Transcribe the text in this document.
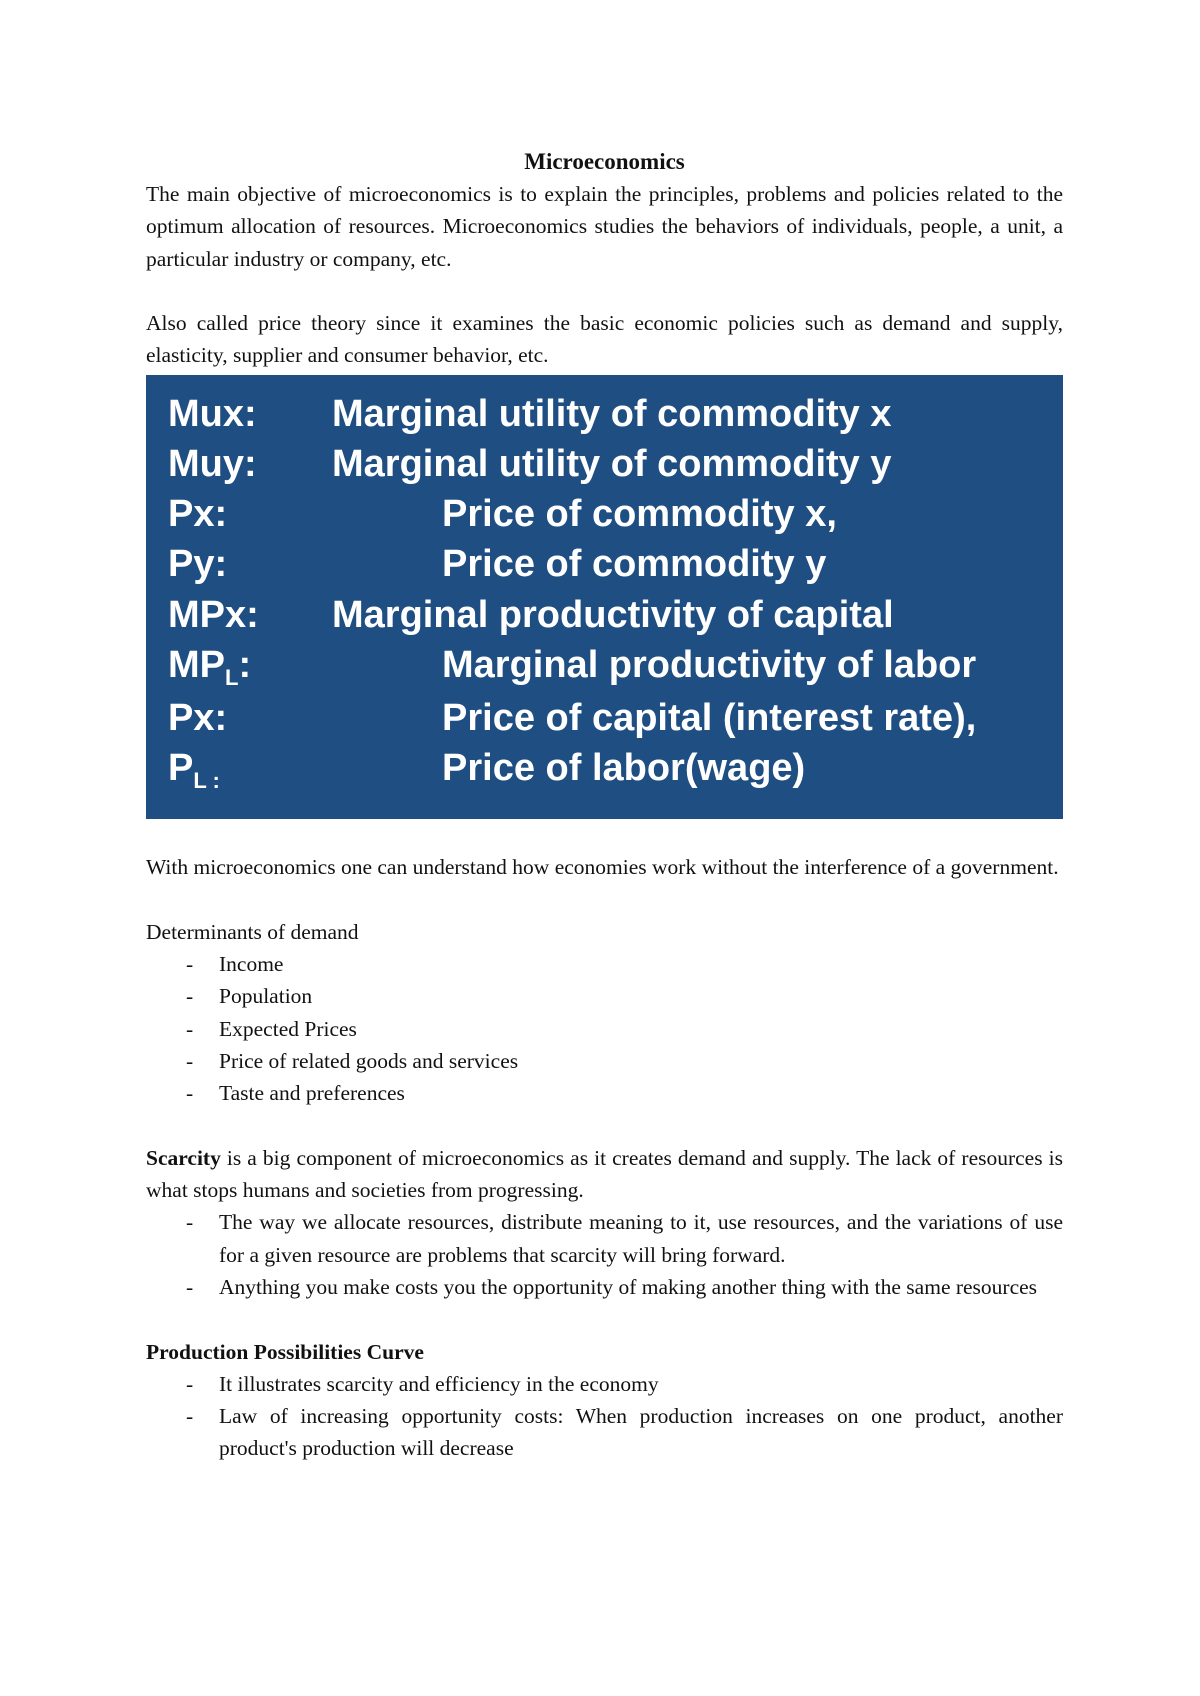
Microeconomics

The main objective of microeconomics is to explain the principles, problems and policies related to the optimum allocation of resources. Microeconomics studies the behaviors of individuals, people, a unit, a particular industry or company, etc.

Also called price theory since it examines the basic economic policies such as demand and supply, elasticity, supplier and consumer behavior, etc.

Mux: Marginal utility of commodity x
Muy: Marginal utility of commodity y
Px:	Price of commodity x,
Py:	Price of commodity y
MPx: Marginal productivity of capital
$MP_L$:	Marginal productivity of labor
Px:	Price of capital (interest rate),
$P_{L :}$	Price of labor(wage)

With microeconomics one can understand how economies work without the interference of a government.

Determinants of demand

- Income
- Population
- Expected Prices
- Price of related goods and services
- Taste and preferences

Scarcity is a big component of microeconomics as it creates demand and supply. The lack of resources is what stops humans and societies from progressing.

- The way we allocate resources, distribute meaning to it, use resources, and the variations of use for a given resource are problems that scarcity will bring forward.
- Anything you make costs you the opportunity of making another thing with the same resources

Production Possibilities Curve

- It illustrates scarcity and efficiency in the economy
- Law of increasing opportunity costs: When production increases on one product, another product's production will decrease
